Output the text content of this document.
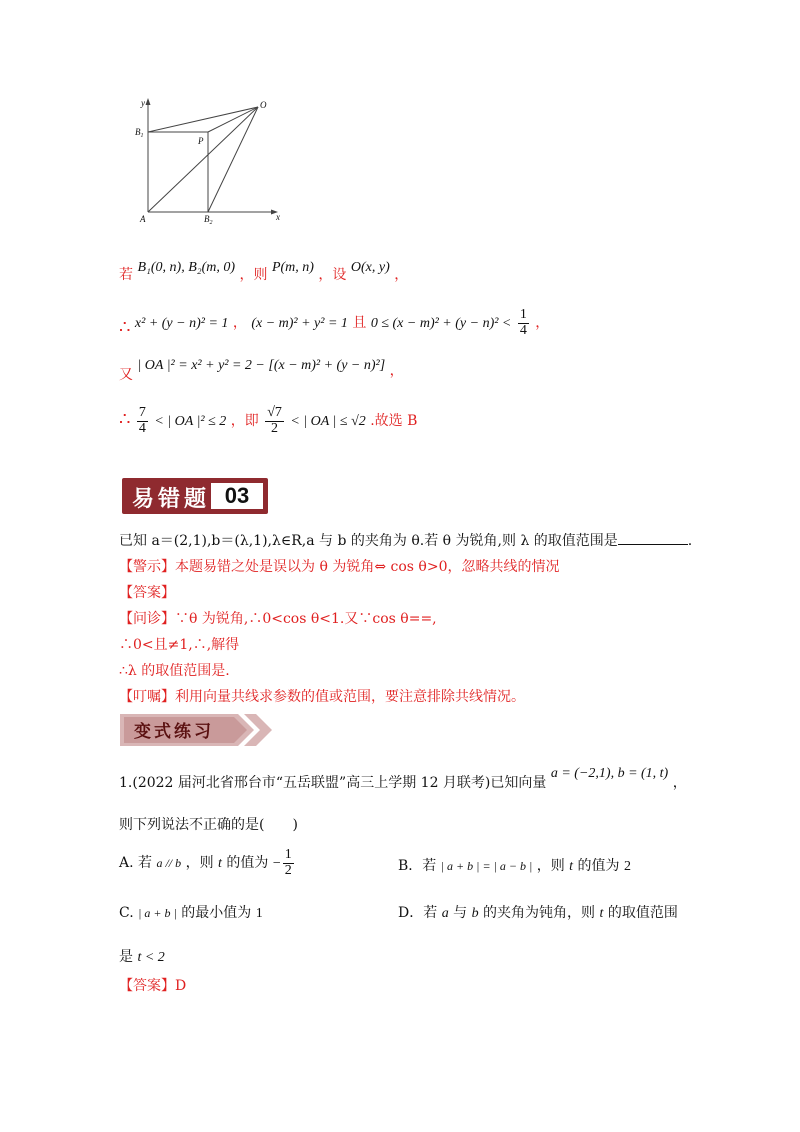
y
x
O
$B_1$	P
A	$B_2$
若 B₁(0, n), B₂(m, 0) ，则 P(m, n) ，设 O(x, y) ，
∴ x² + (y − n)² = 1 ， (x − m)² + y² = 1 且 $0 \le (x - m)^2 + (y - n)^2 < \frac{1}{4}$ ，
又 | OA |² = x² + y² = 2 − [(x − m)² + (y − n)²] ，
∴ $\frac{7}{4}$ < | OA |² ≤ 2 ，即 $\frac{√7}{2}$ < | OA | ≤ √2 .故选 B
易错题 03
已知 a＝(2,1),b＝(λ,1),λ∈R,a 与 b 的夹角为 θ.若 θ 为锐角,则 λ 的取值范围是	.
【警示】本题易错之处是误以为 θ 为锐角⇔ cos θ>0，忽略共线的情况
【答案】
【问诊】∵θ 为锐角,∴0<cos θ<1.又∵cos θ==,
∴0<且≠1,∴,解得
∴λ 的取值范围是.
【叮嘱】利用向量共线求参数的值或范围，要注意排除共线情况。
变式练习
1.(2022 届河北省邢台市“五岳联盟”高三上学期 12 月联考)已知向量 a = (−2,1), b = (1, t) ，
则下列说法不正确的是(　　)
A. 若 a // b ，则 t 的值为 − $\frac{1}{2}$	B．若 | a + b | = | a − b | ，则 t 的值为 2
C. | a + b | 的最小值为 1	D．若 a 与 b 的夹角为钝角，则 t 的取值范围
是 t < 2
【答案】D
